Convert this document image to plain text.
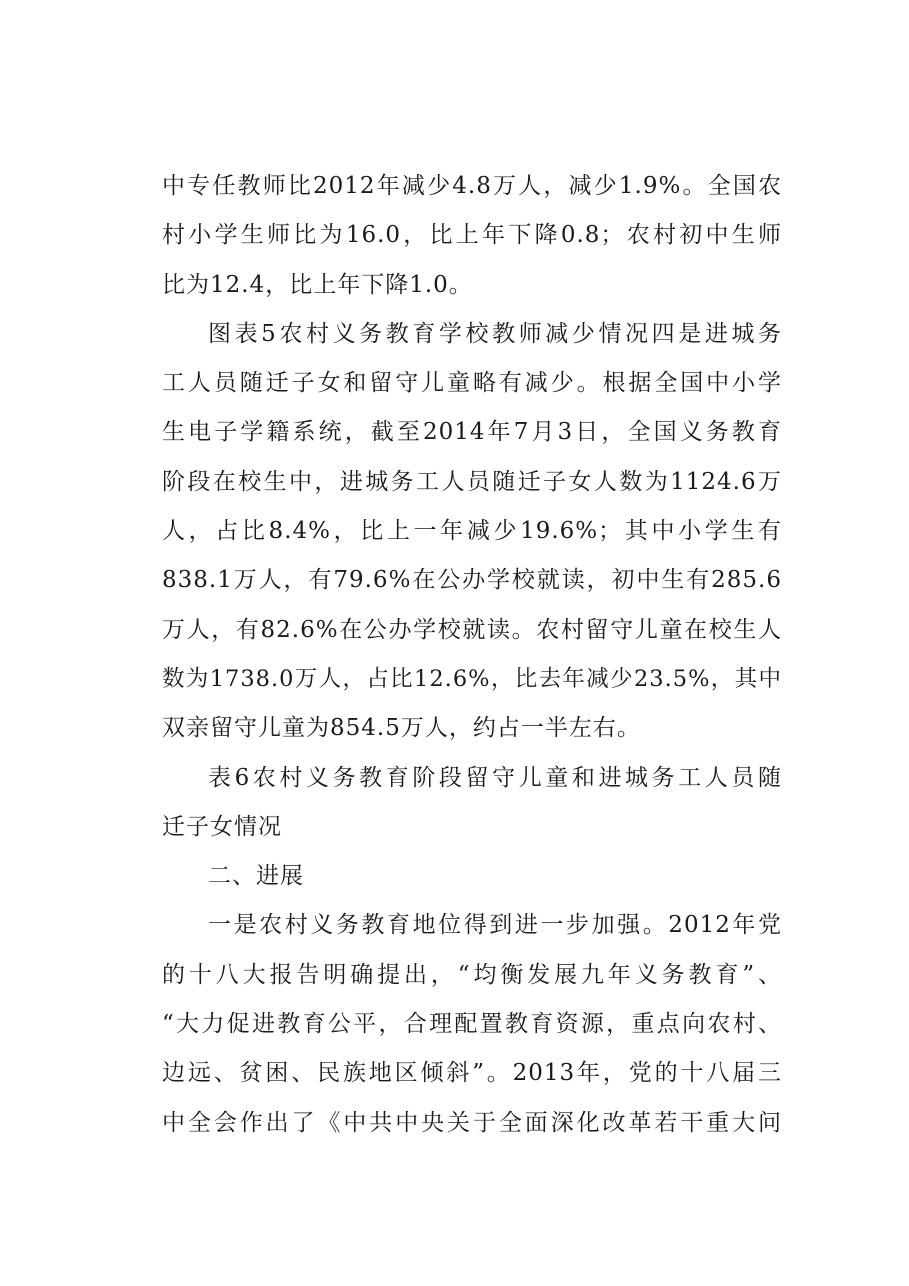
中专任教师比2012年减少4.8万人，减少1.9%。全国农
村小学生师比为16.0，比上年下降0.8；农村初中生师
比为12.4，比上年下降1.0。
图表5农村义务教育学校教师减少情况四是进城务
工人员随迁子女和留守儿童略有减少。根据全国中小学
生电子学籍系统，截至2014年7月3日，全国义务教育
阶段在校生中，进城务工人员随迁子女人数为1124.6万
人，占比8.4%，比上一年减少19.6%；其中小学生有
838.1万人，有79.6%在公办学校就读，初中生有285.6
万人，有82.6%在公办学校就读。农村留守儿童在校生人
数为1738.0万人，占比12.6%，比去年减少23.5%，其中
双亲留守儿童为854.5万人，约占一半左右。
表6农村义务教育阶段留守儿童和进城务工人员随
迁子女情况
二、进展
一是农村义务教育地位得到进一步加强。2012年党
的十八大报告明确提出，“均衡发展九年义务教育”、
“大力促进教育公平，合理配置教育资源，重点向农村、
边远、贫困、民族地区倾斜”。2013年，党的十八届三
中全会作出了《中共中央关于全面深化改革若干重大问
